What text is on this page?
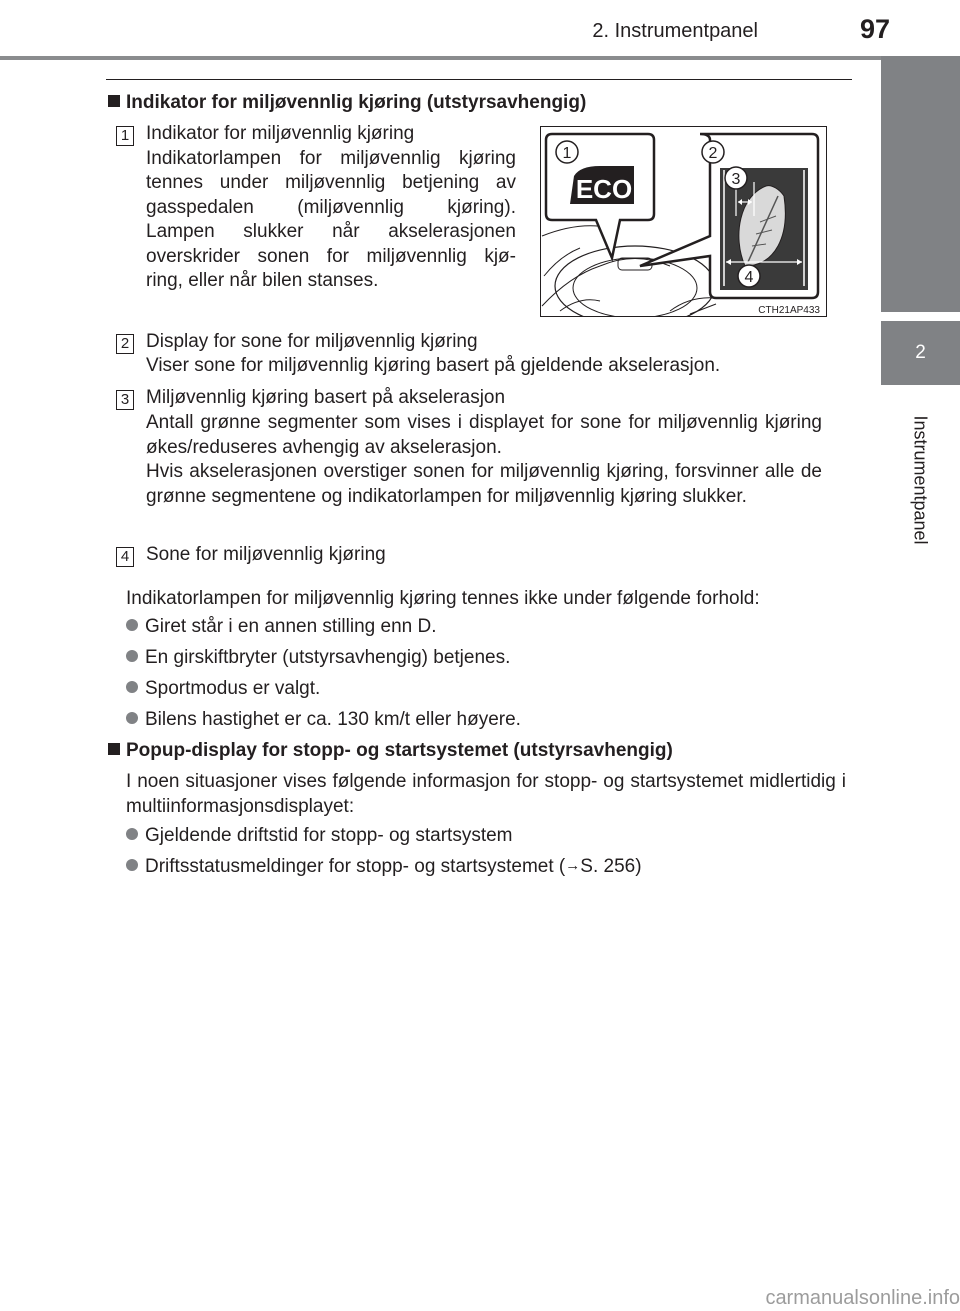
2. Instrumentpanel	97
2
Instrumentpanel
Indikator for miljøvennlig kjøring (utstyrsavhengig)
1 Indikator for miljøvennlig kjøring
Indikatorlampen for miljøvennlig kjøring
tennes under miljøvennlig betjening av
gasspedalen (miljøvennlig kjøring).
Lampen slukker når akselerasjonen
overskrider sonen for miljøvennlig kjø-
ring, eller når bilen stanses.
ECO
1	2
3
4
CTH21AP433
2 Display for sone for miljøvennlig kjøring
Viser sone for miljøvennlig kjøring basert på gjeldende akselerasjon.
3 Miljøvennlig kjøring basert på akselerasjon
Antall grønne segmenter som vises i displayet for sone for miljøvennlig kjøring økes/reduseres avhengig av akselerasjon.
Hvis akselerasjonen overstiger sonen for miljøvennlig kjøring, forsvinner alle de grønne segmentene og indikatorlampen for miljøvennlig kjøring slukker.
4 Sone for miljøvennlig kjøring
Indikatorlampen for miljøvennlig kjøring tennes ikke under følgende forhold:
Giret står i en annen stilling enn D.
En girskiftbryter (utstyrsavhengig) betjenes.
Sportmodus er valgt.
Bilens hastighet er ca. 130 km/t eller høyere.
Popup-display for stopp- og startsystemet (utstyrsavhengig)
I noen situasjoner vises følgende informasjon for stopp- og startsystemet midlertidig i multiinformasjonsdisplayet:
Gjeldende driftstid for stopp- og startsystem
Driftsstatusmeldinger for stopp- og startsystemet (→S. 256)
carmanualsonline.info
